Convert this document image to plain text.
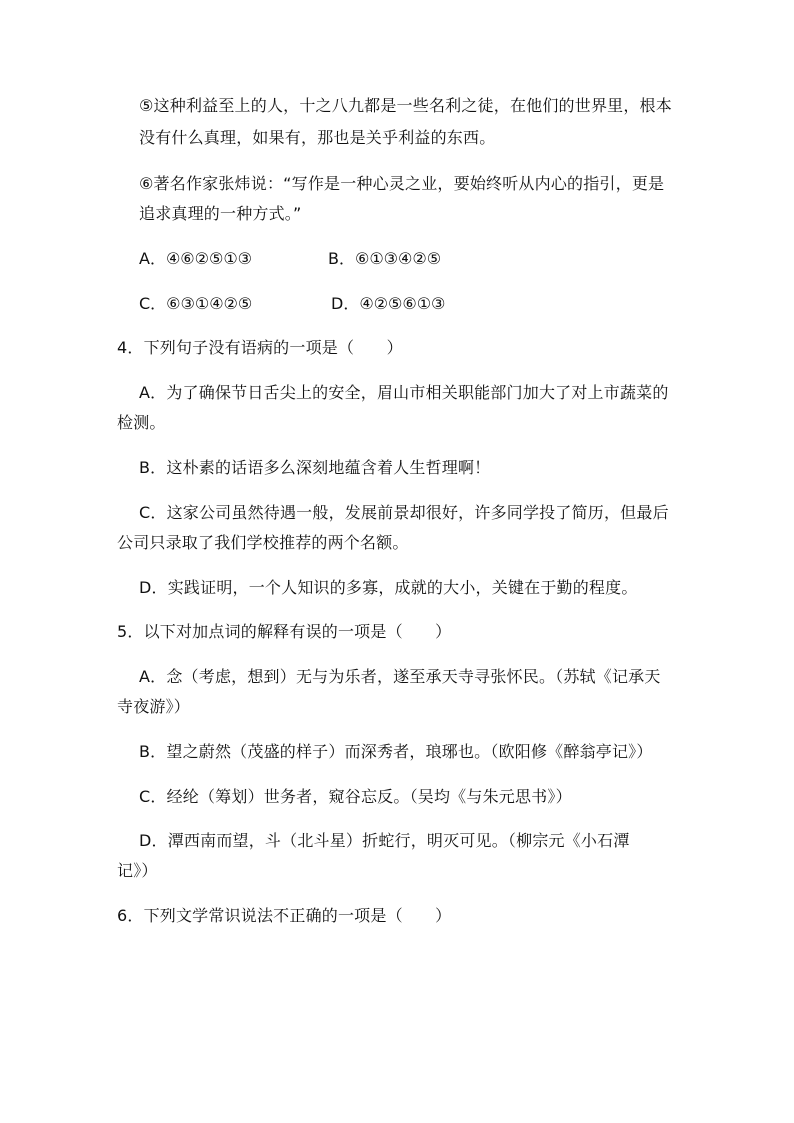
⑤这种利益至上的人，十之八九都是一些名利之徒，在他们的世界里，根本
没有什么真理，如果有，那也是关乎利益的东西。
⑥著名作家张炜说：“写作是一种心灵之业，要始终听从内心的指引，更是
追求真理的一种方式。”
A．④⑥②⑤①③	B．⑥①③④②⑤
C．⑥③①④②⑤	D．④②⑤⑥①③
4．下列句子没有语病的一项是（　　）
A．为了确保节日舌尖上的安全，眉山市相关职能部门加大了对上市蔬菜的
检测。
B．这朴素的话语多么深刻地蕴含着人生哲理啊！
C．这家公司虽然待遇一般，发展前景却很好，许多同学投了简历，但最后
公司只录取了我们学校推荐的两个名额。
D．实践证明，一个人知识的多寡，成就的大小，关键在于勤的程度。
5．以下对加点词的解释有误的一项是（　　）
A．念（考虑，想到）无与为乐者，遂至承天寺寻张怀民。（苏轼《记承天
寺夜游》）
B．望之蔚然（茂盛的样子）而深秀者，琅琊也。（欧阳修《醉翁亭记》）
C．经纶（筹划）世务者，窥谷忘反。（吴均《与朱元思书》）
D．潭西南而望，斗（北斗星）折蛇行，明灭可见。（柳宗元《小石潭
记》）
6．下列文学常识说法不正确的一项是（　　）
